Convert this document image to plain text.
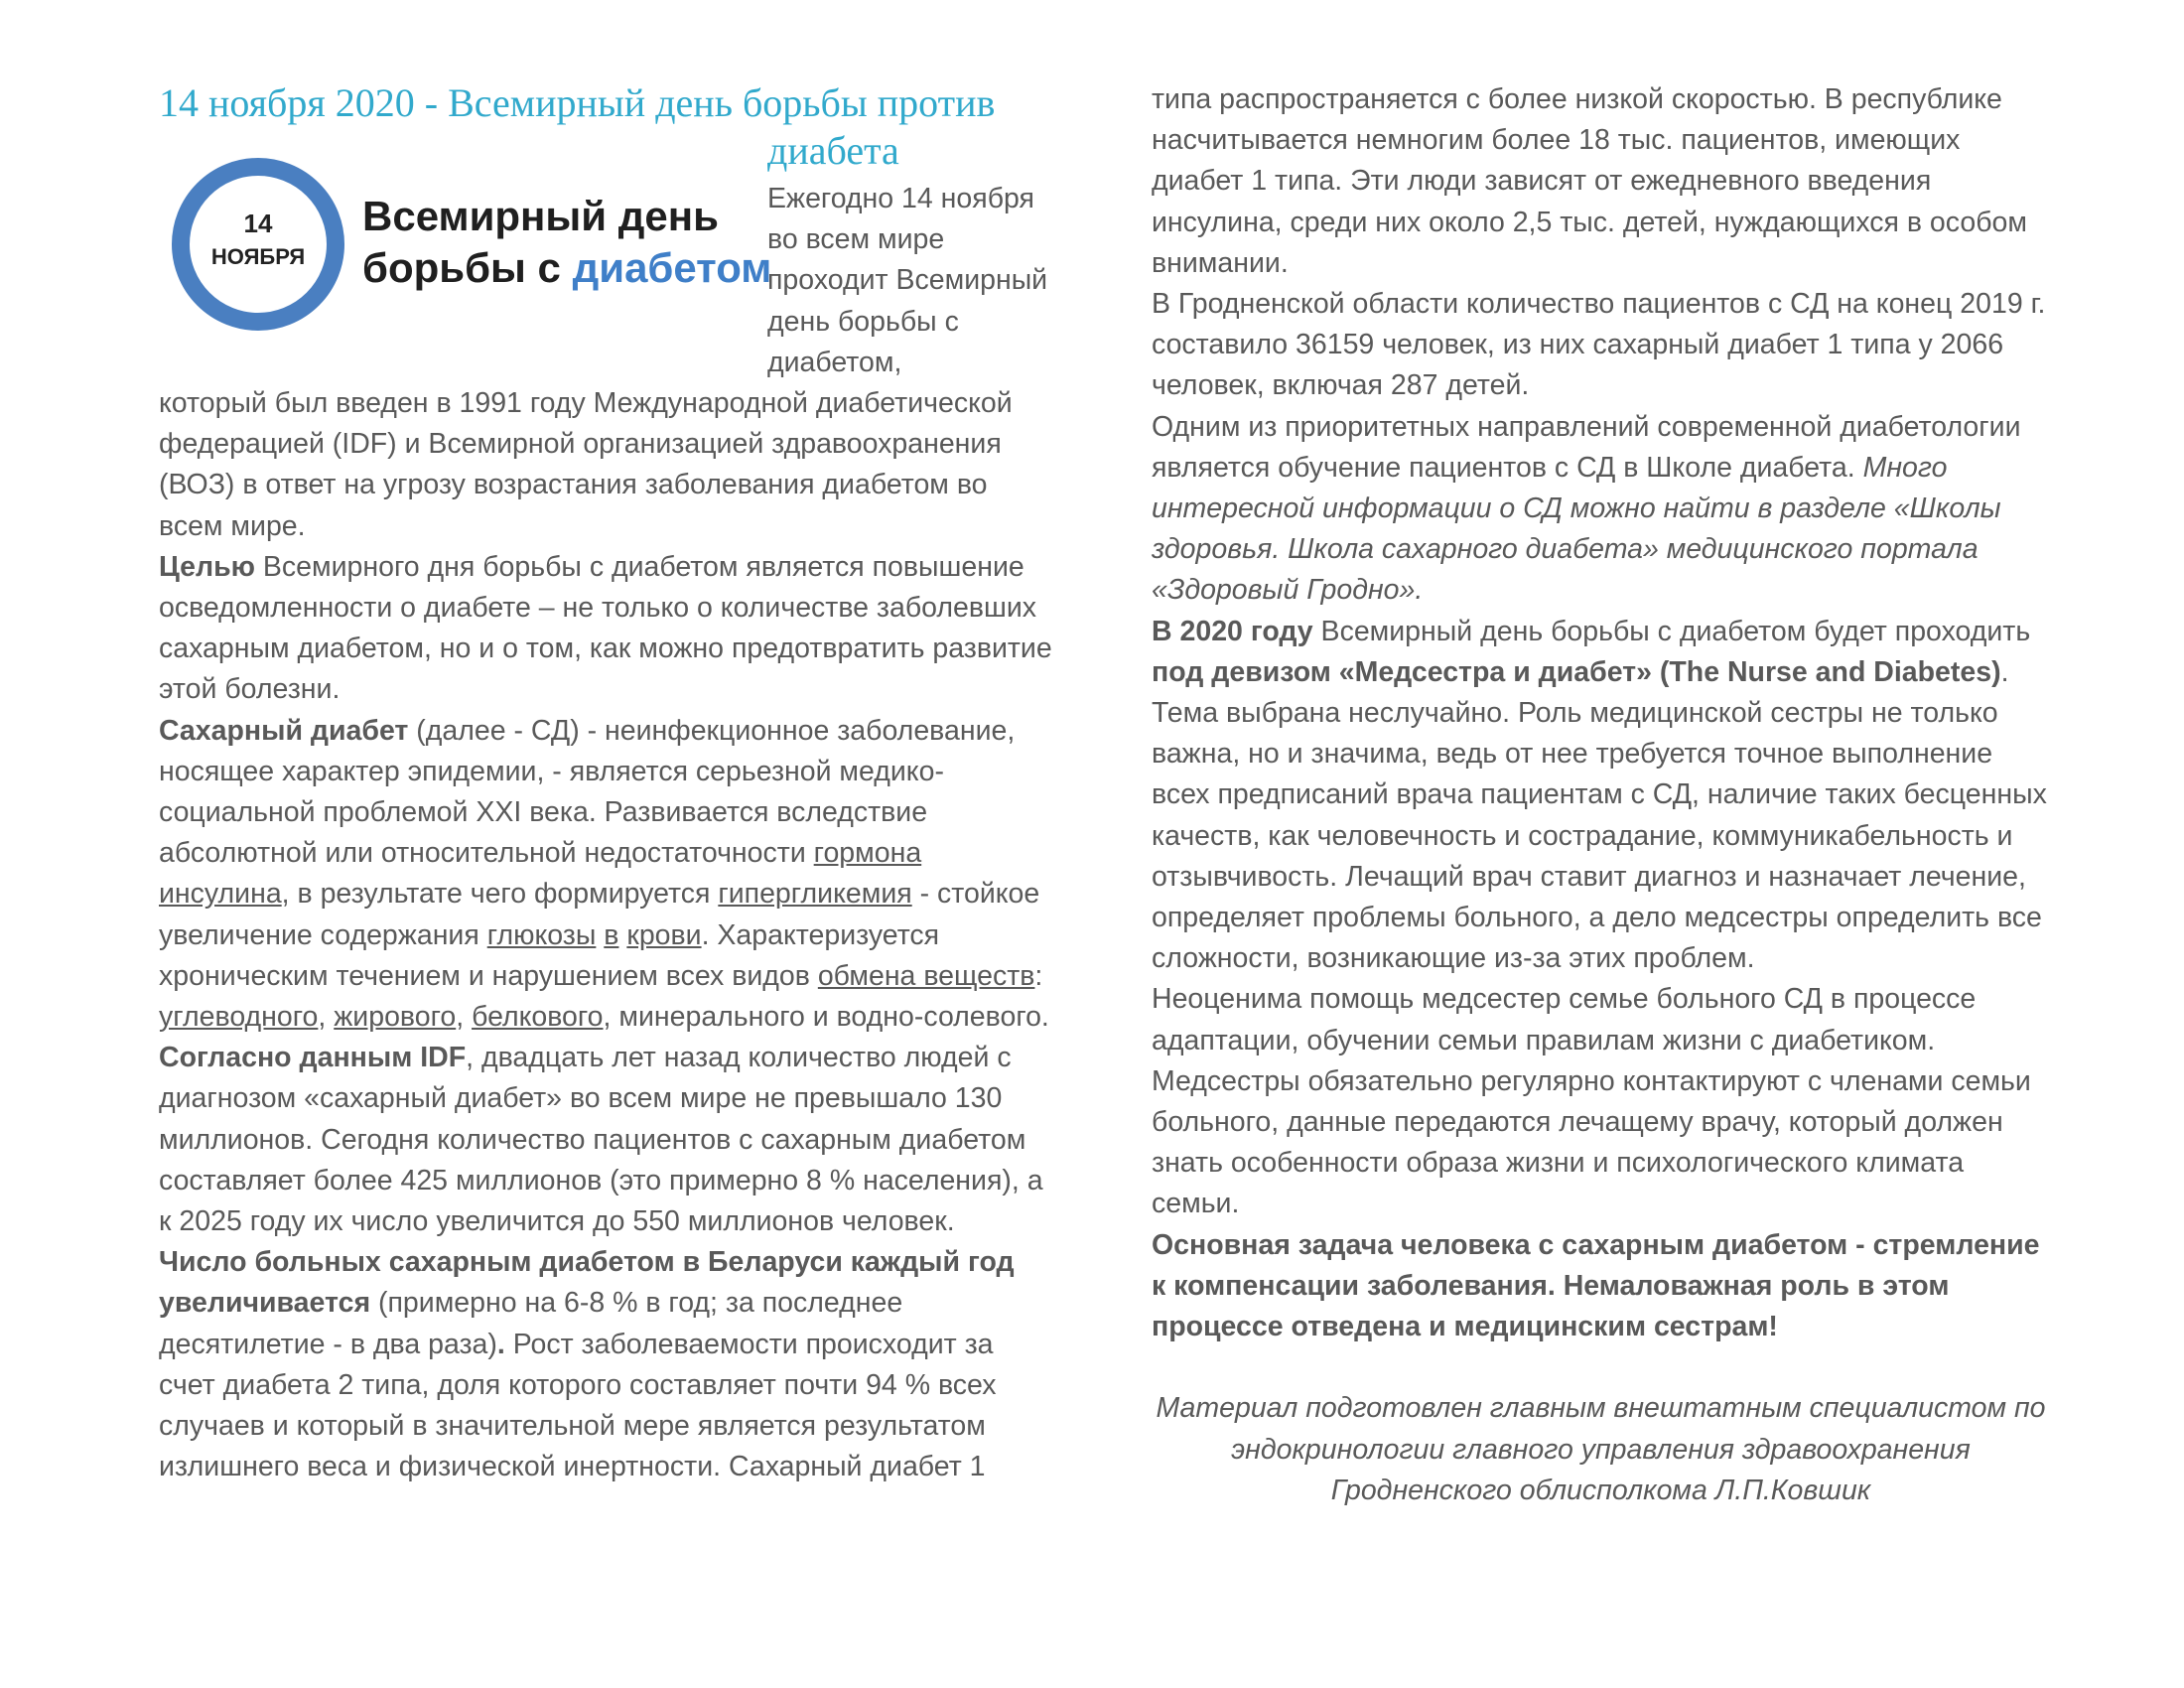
14 ноября 2020 - Всемирный день борьбы против
диабета
14
НОЯБРЯ
Всемирный день
борьбы с диабетом
Ежегодно 14 ноября во всем мире проходит Всемирный день борьбы с диабетом,

который был введен в 1991 году Международной диабетической федерацией (IDF) и Всемирной организацией здравоохранения (ВОЗ) в ответ на угрозу возрастания заболевания диабетом во всем мире.

Целью Всемирного дня борьбы с диабетом является повышение осведомленности о диабете – не только о количестве заболевших сахарным диабетом, но и о том, как можно предотвратить развитие этой болезни.

Сахарный диабет (далее - СД) - неинфекционное заболевание, носящее характер эпидемии, - является серьезной медико-социальной проблемой XXI века. Развивается вследствие абсолютной или относительной недостаточности гормона инсулина, в результате чего формируется гипергликемия - стойкое увеличение содержания глюкозы в крови. Характеризуется хроническим течением и нарушением всех видов обмена веществ: углеводного, жирового, белкового, минерального и водно-солевого.

Согласно данным IDF, двадцать лет назад количество людей с диагнозом «сахарный диабет» во всем мире не превышало 130 миллионов. Сегодня количество пациентов с сахарным диабетом составляет более 425 миллионов (это примерно 8 % населения), а к 2025 году их число увеличится до 550 миллионов человек.

Число больных сахарным диабетом в Беларуси каждый год увеличивается (примерно на 6-8 % в год; за последнее десятилетие - в два раза). Рост заболеваемости происходит за счет диабета 2 типа, доля которого составляет почти 94 % всех случаев и который в значительной мере является результатом излишнего веса и физической инертности. Сахарный диабет 1

типа распространяется с более низкой скоростью. В республике насчитывается немногим более 18 тыс. пациентов, имеющих диабет 1 типа. Эти люди зависят от ежедневного введения инсулина, среди них около 2,5 тыс. детей, нуждающихся в особом внимании.

В Гродненской области количество пациентов с СД на конец 2019 г. составило 36159 человек, из них сахарный диабет 1 типа у 2066 человек, включая 287 детей.

Одним из приоритетных направлений современной диабетологии является обучение пациентов с СД в Школе диабета. Много интересной информации о СД можно найти в разделе «Школы здоровья. Школа сахарного диабета» медицинского портала «Здоровый Гродно».

В 2020 году Всемирный день борьбы с диабетом будет проходить под девизом «Медсестра и диабет» (The Nurse and Diabetes).

Тема выбрана неслучайно. Роль медицинской сестры не только важна, но и значима, ведь от нее требуется точное выполнение всех предписаний врача пациентам с СД, наличие таких бесценных качеств, как человечность и сострадание, коммуникабельность и отзывчивость. Лечащий врач ставит диагноз и назначает лечение, определяет проблемы больного, а дело медсестры определить все сложности, возникающие из-за этих проблем.

Неоценима помощь медсестер семье больного СД в процессе адаптации, обучении семьи правилам жизни с диабетиком. Медсестры обязательно регулярно контактируют с членами семьи больного, данные передаются лечащему врачу, который должен знать особенности образа жизни и психологического климата семьи.

Основная задача человека с сахарным диабетом - стремление к компенсации заболевания. Немаловажная роль в этом процессе отведена и медицинским сестрам!

Материал подготовлен главным внештатным специалистом по эндокринологии главного управления здравоохранения Гродненского облисполкома Л.П.Ковшик
